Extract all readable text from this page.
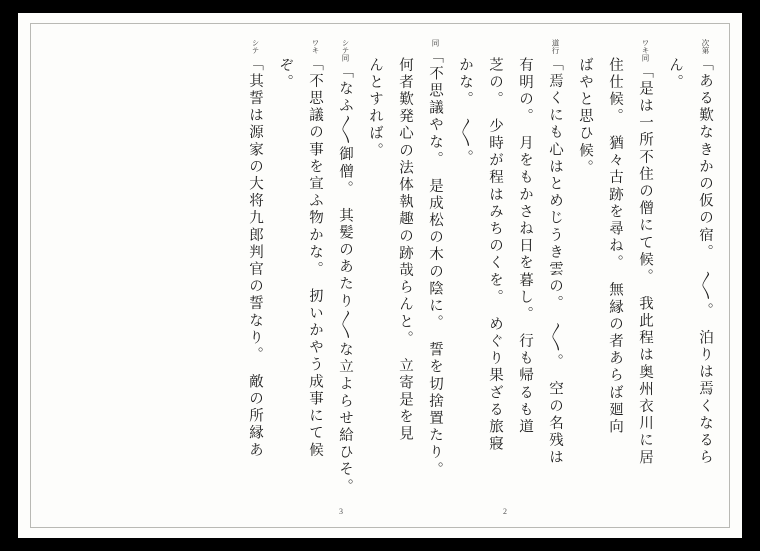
次第「ある歎なきかの仮の宿。　〳〵。　泊りは焉くなるら
ん。
ワキ同「是は一所不住の僧にて候。　我此程は奥州衣川に居
住仕候。　猶々古跡を尋ね。　無縁の者あらば廻向
ばやと思ひ候。
道行「焉くにも心はとめじうき雲の。　〳〵。　空の名残は
有明の。　月をもかさね日を暮し。　行も帰るも道
芝の。　少時が程はみちのくを。　めぐり果ざる旅寢
かな。　〳〵。
同「不思議やな。　是成松の木の陰に。　誓を切捨置たり。
何者歎発心の法体執趣の跡哉らんと。　立寄是を見
んとすれば。
シテ同「なふ〳〵御僧。　其髪のあたり〳〵な立よらせ給ひそ。
ワキ「不思議の事を宣ふ物かな。　扨いかやう成事にて候
ぞ。
シテ「其誓は源家の大将九郎判官の誓なり。　敵の所縁あ
2
3
